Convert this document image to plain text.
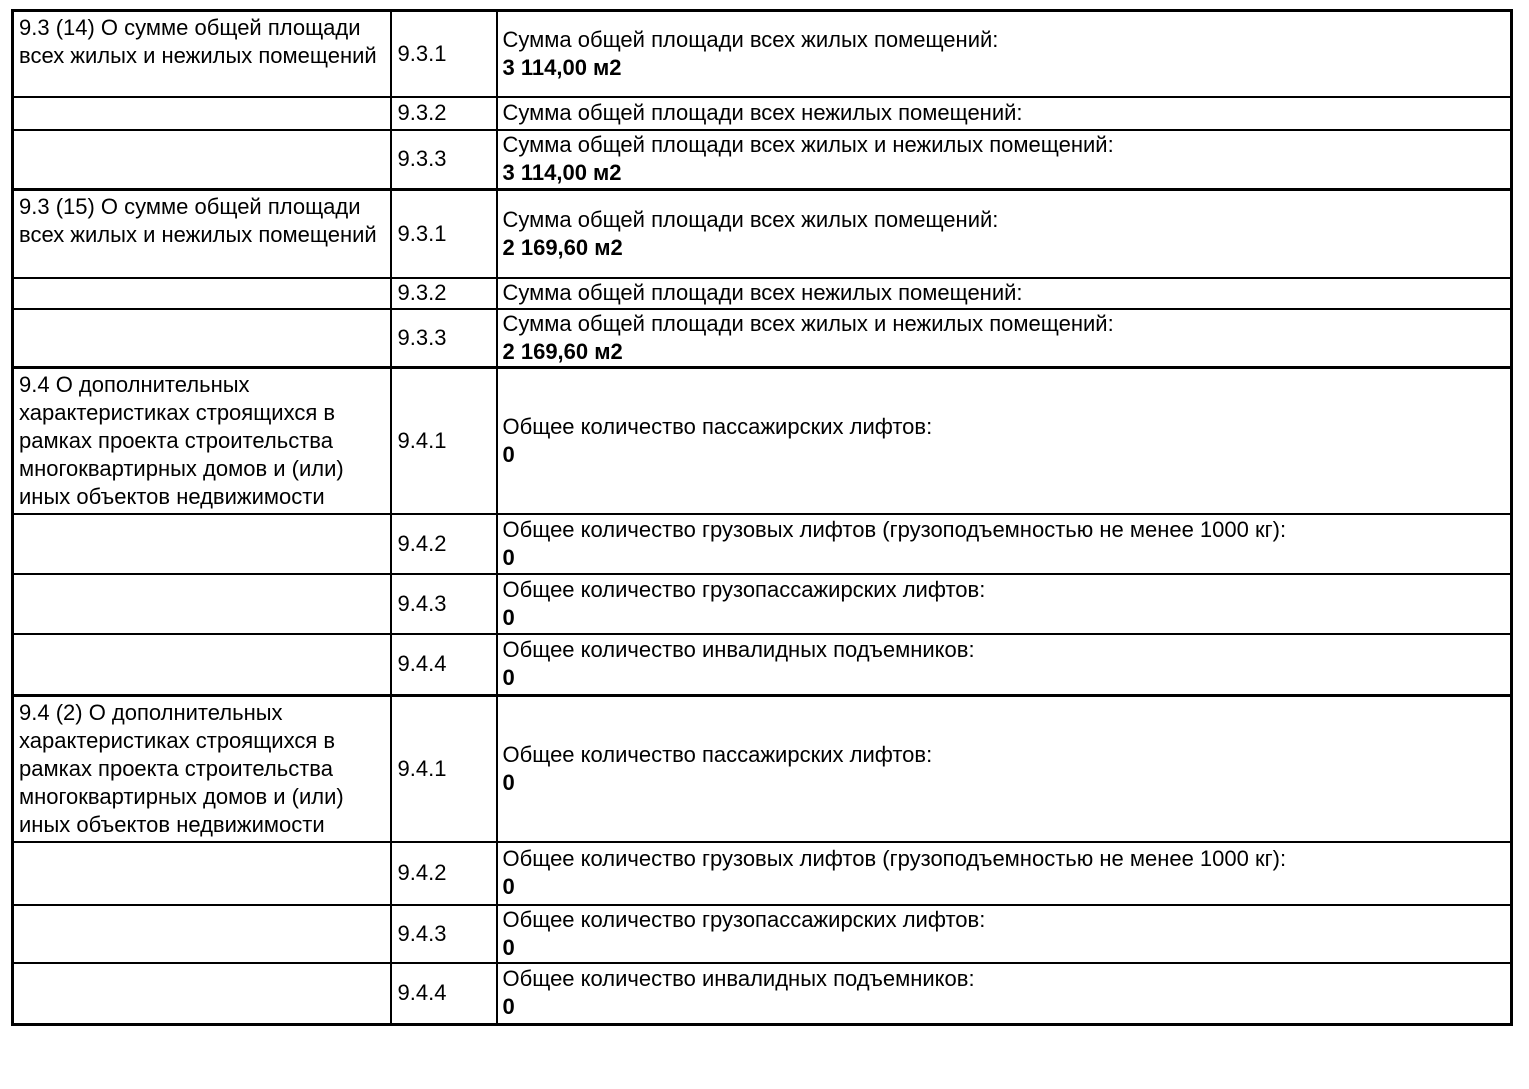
9.3 (14) О сумме общей площади всех жилых и нежилых помещений	9.3.1	Сумма общей площади всех жилых помещений:
3 114,00 м2

	9.3.2	Сумма общей площади всех нежилых помещений:

	9.3.3	Сумма общей площади всех жилых и нежилых помещений:
3 114,00 м2

9.3 (15) О сумме общей площади всех жилых и нежилых помещений	9.3.1	Сумма общей площади всех жилых помещений:
2 169,60 м2

	9.3.2	Сумма общей площади всех нежилых помещений:

	9.3.3	Сумма общей площади всех жилых и нежилых помещений:
2 169,60 м2

9.4 О дополнительных характеристиках строящихся в рамках проекта строительства многоквартирных домов и (или) иных объектов недвижимости	9.4.1	Общее количество пассажирских лифтов:
0

	9.4.2	Общее количество грузовых лифтов (грузоподъемностью не менее 1000 кг):
0

	9.4.3	Общее количество грузопассажирских лифтов:
0

	9.4.4	Общее количество инвалидных подъемников:
0

9.4 (2) О дополнительных характеристиках строящихся в рамках проекта строительства многоквартирных домов и (или) иных объектов недвижимости	9.4.1	Общее количество пассажирских лифтов:
0

	9.4.2	Общее количество грузовых лифтов (грузоподъемностью не менее 1000 кг):
0

	9.4.3	Общее количество грузопассажирских лифтов:
0

	9.4.4	Общее количество инвалидных подъемников:
0
